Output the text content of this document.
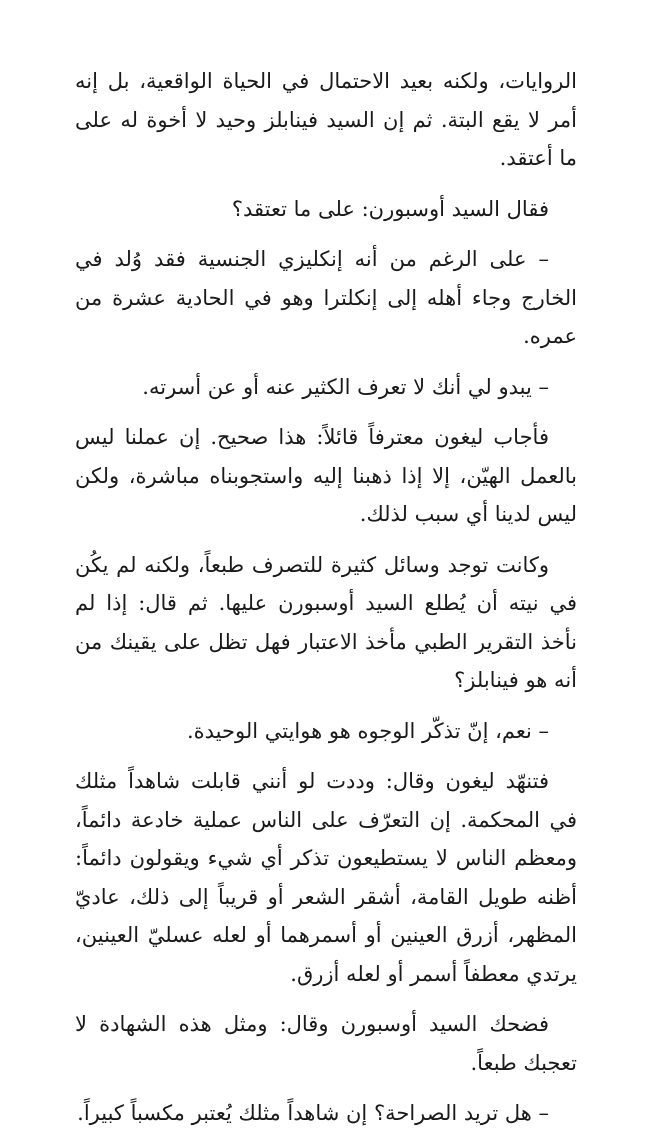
الروايات، ولكنه بعيد الاحتمال في الحياة الواقعية، بل إنه أمر لا يقع البتة. ثم إن السيد فينابلز وحيد لا أخوة له على ما أعتقد.

فقال السيد أوسبورن: على ما تعتقد؟

– على الرغم من أنه إنكليزي الجنسية فقد وُلد في الخارج وجاء أهله إلى إنكلترا وهو في الحادية عشرة من عمره.

– يبدو لي أنك لا تعرف الكثير عنه أو عن أسرته.

فأجاب ليغون معترفاً قائلاً: هذا صحيح. إن عملنا ليس بالعمل الهيّن، إلا إذا ذهبنا إليه واستجوبناه مباشرة، ولكن ليس لدينا أي سبب لذلك.

وكانت توجد وسائل كثيرة للتصرف طبعاً، ولكنه لم يكُن في نيته أن يُطلع السيد أوسبورن عليها. ثم قال: إذا لم نأخذ التقرير الطبي مأخذ الاعتبار فهل تظل على يقينك من أنه هو فينابلز؟

– نعم، إنّ تذكّر الوجوه هو هوايتي الوحيدة.

فتنهّد ليغون وقال: وددت لو أنني قابلت شاهداً مثلك في المحكمة. إن التعرّف على الناس عملية خادعة دائماً، ومعظم الناس لا يستطيعون تذكر أي شيء ويقولون دائماً: أظنه طويل القامة، أشقر الشعر أو قريباً إلى ذلك، عاديّ المظهر، أزرق العينين أو أسمرهما أو لعله عسليّ العينين، يرتدي معطفاً أسمر أو لعله أزرق.

فضحك السيد أوسبورن وقال: ومثل هذه الشهادة لا تعجبك طبعاً.

– هل تريد الصراحة؟ إن شاهداً مثلك يُعتبر مكسباً كبيراً.
